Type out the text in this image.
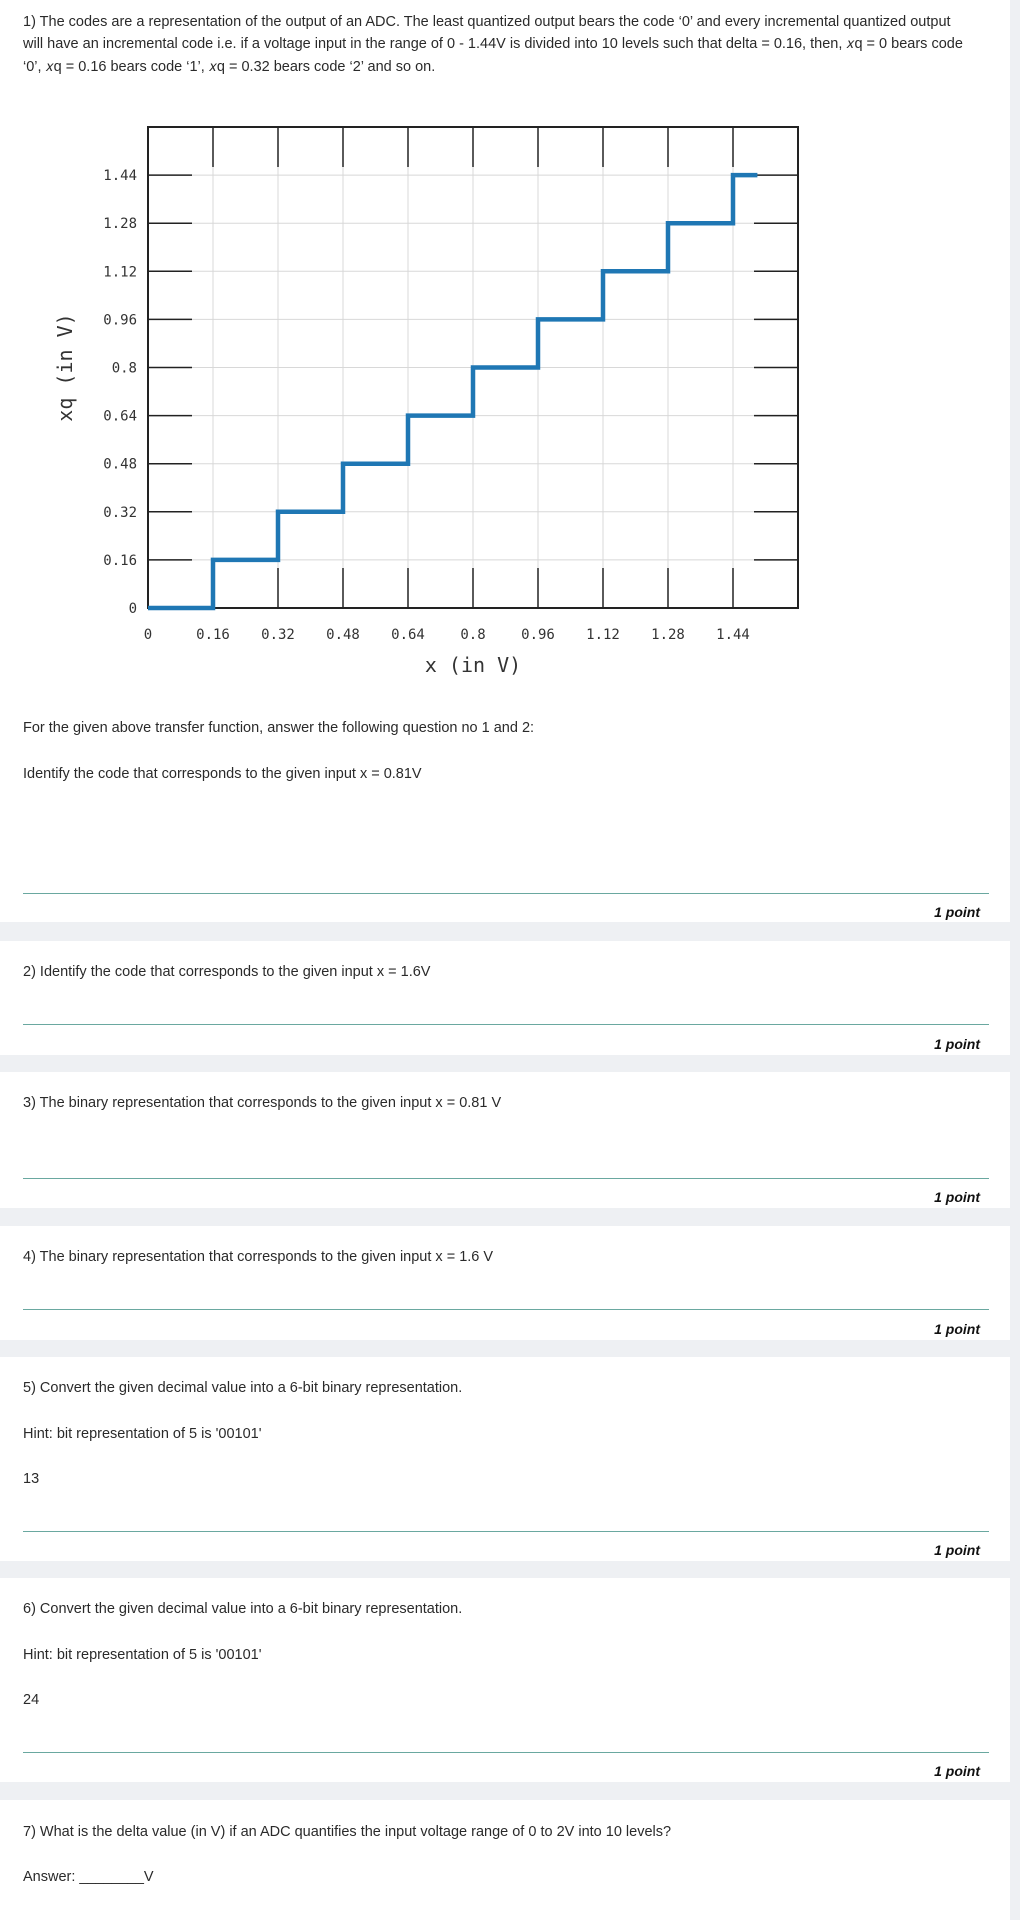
1) The codes are a representation of the output of an ADC. The least quantized output bears the code ‘0’ and every incremental quantized output
will have an incremental code i.e. if a voltage input in the range of 0 - 1.44V is divided into 10 levels such that delta = 0.16, then, 𝑥q = 0 bears code
‘0’, 𝑥q = 0.16 bears code ‘1’, 𝑥q = 0.32 bears code ‘2’ and so on.
0	0.16 0.32 0.48 0.64	0.8	0.96 1.12 1.28 1.44
0
0.16
0.32
0.48
0.64
0.8
0.96
1.12
1.28
1.44
x (in V)
xq (in V)
For the given above transfer function, answer the following question no 1 and 2:
Identify the code that corresponds to the given input x = 0.81V
1 point
2) Identify the code that corresponds to the given input x = 1.6V
1 point
3) The binary representation that corresponds to the given input x = 0.81 V
1 point
4) The binary representation that corresponds to the given input x = 1.6 V
1 point
5) Convert the given decimal value into a 6-bit binary representation.
Hint: bit representation of 5 is '00101'
13
1 point
6) Convert the given decimal value into a 6-bit binary representation.
Hint: bit representation of 5 is '00101'
24
1 point
7) What is the delta value (in V) if an ADC quantifies the input voltage range of 0 to 2V into 10 levels?
Answer: ________V
